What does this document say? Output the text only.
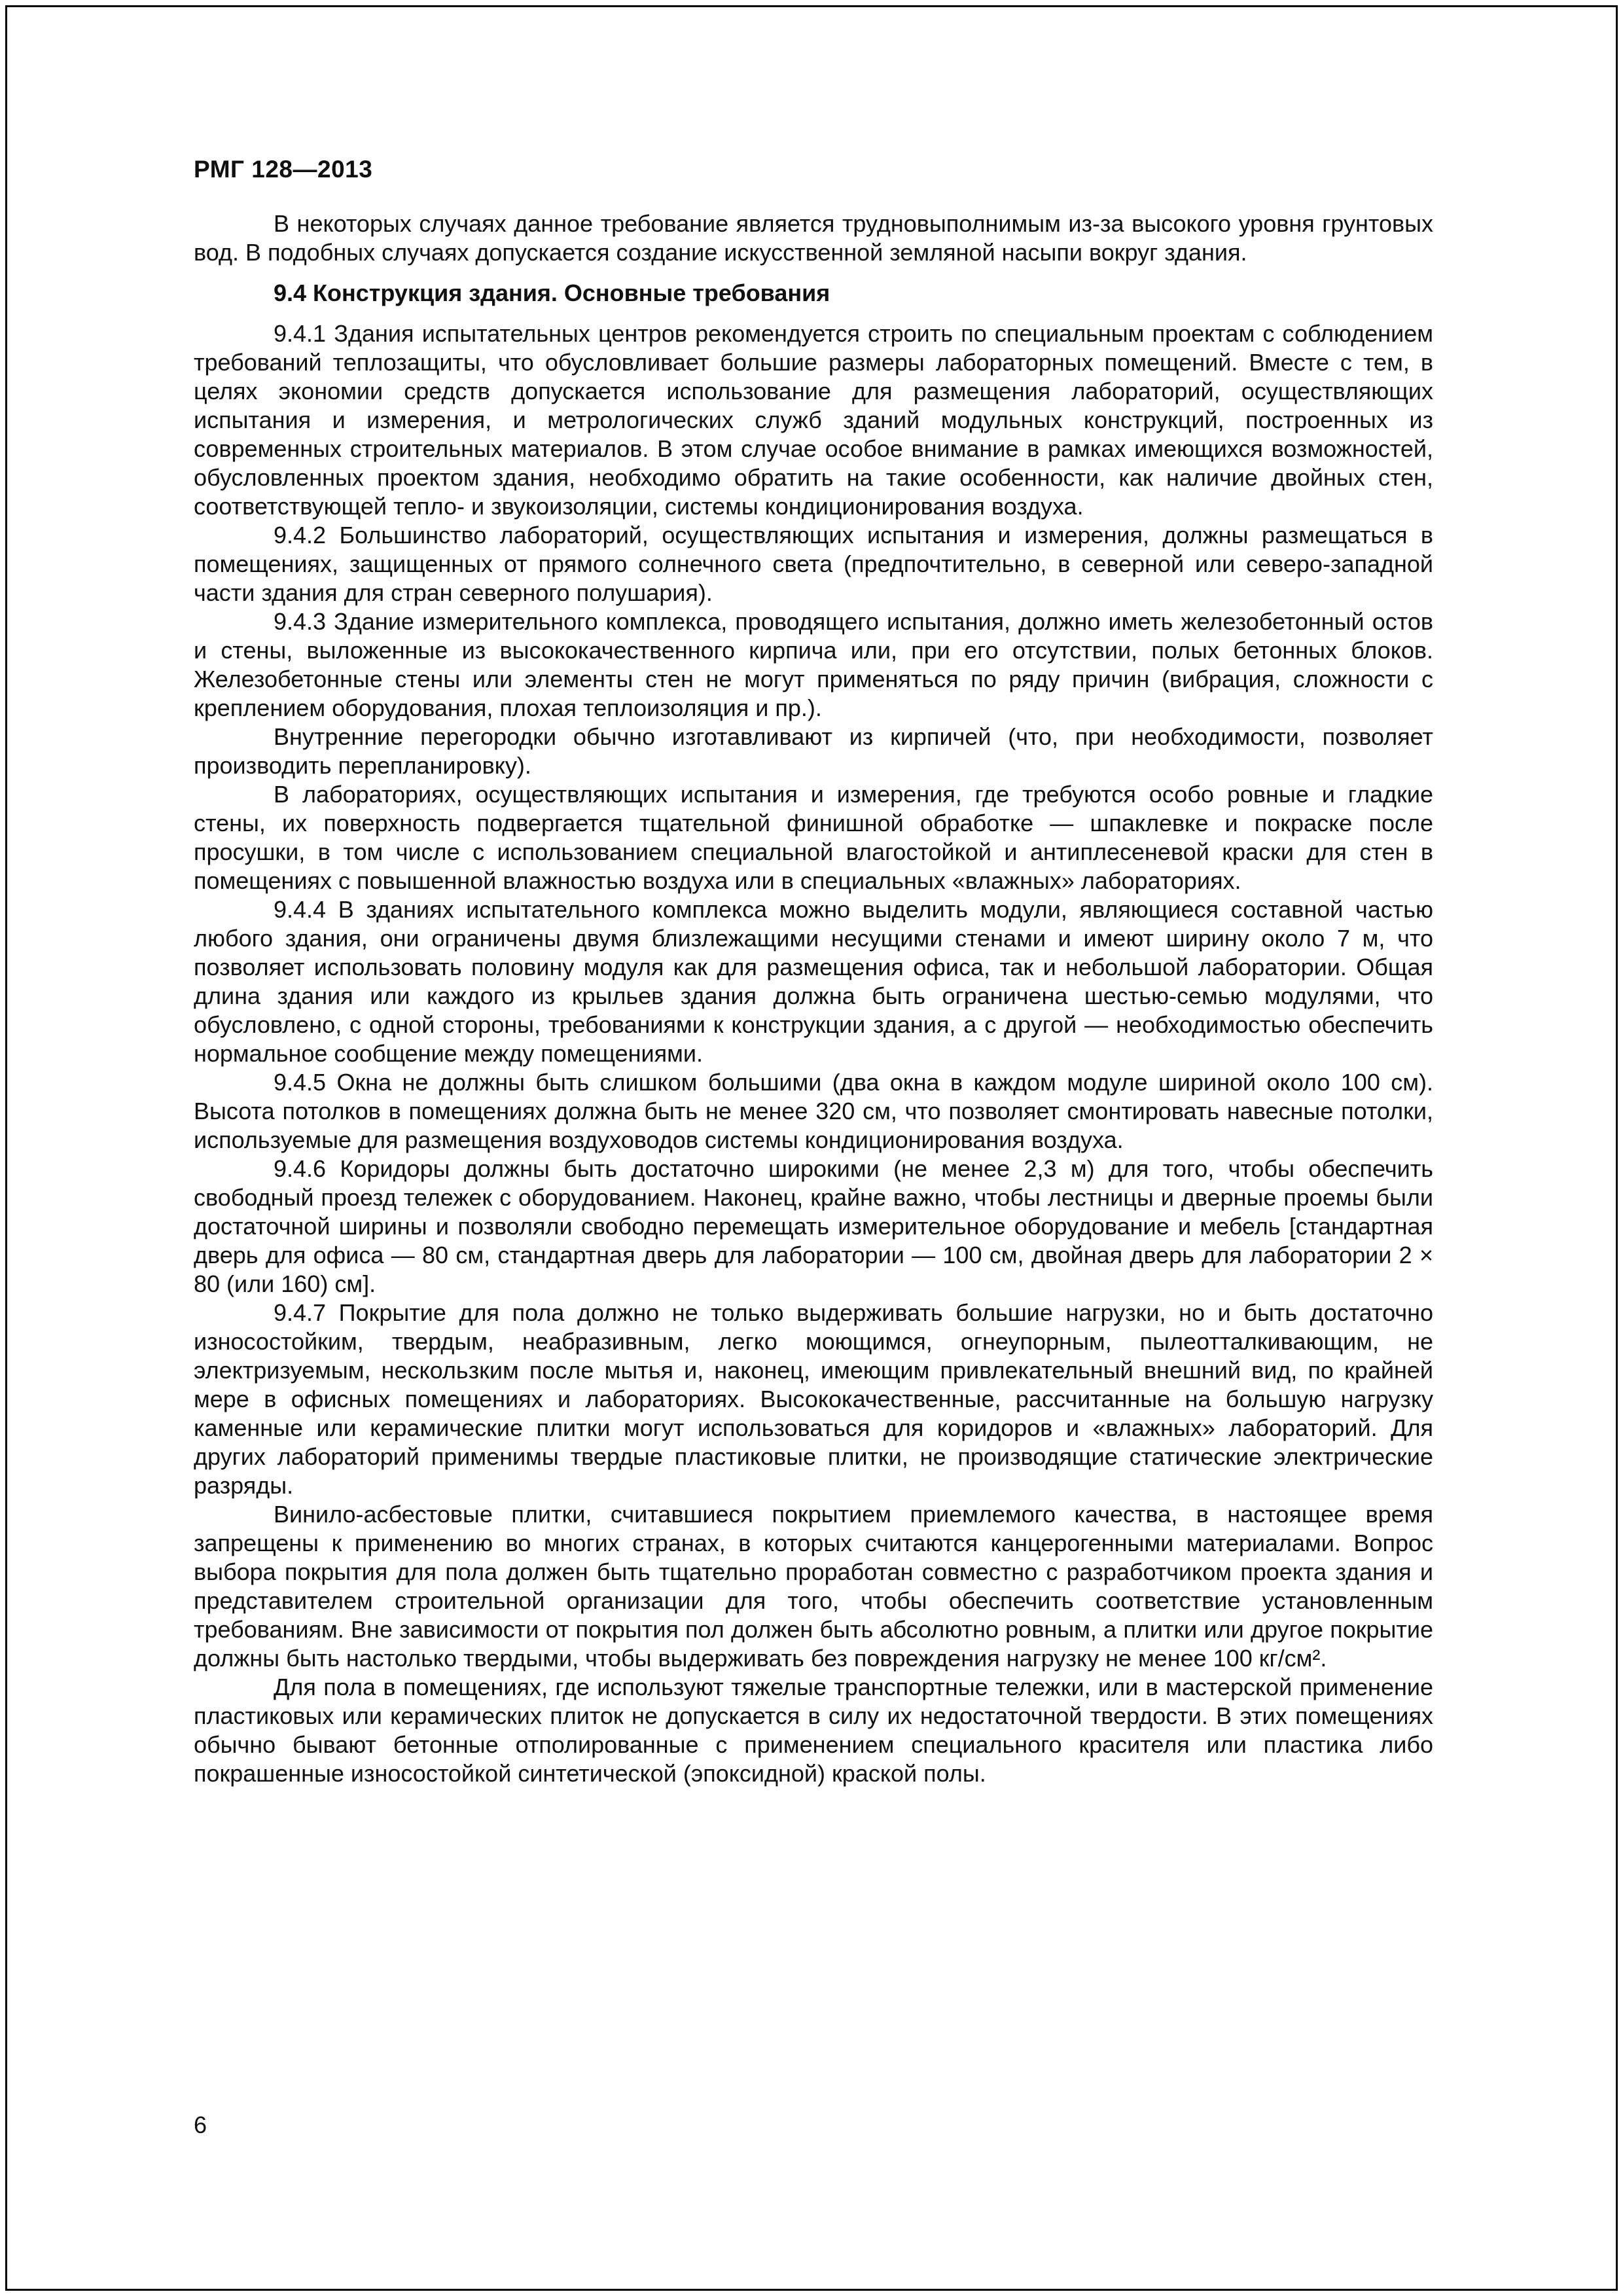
РМГ 128—2013

В некоторых случаях данное требование является трудновыполнимым из-за высокого уровня грунтовых вод. В подобных случаях допускается создание искусственной земляной насыпи вокруг здания.

9.4 Конструкция здания. Основные требования

9.4.1 Здания испытательных центров рекомендуется строить по специальным проектам с соблюдением требований теплозащиты, что обусловливает большие размеры лабораторных помещений. Вместе с тем, в целях экономии средств допускается использование для размещения лабораторий, осуществляющих испытания и измерения, и метрологических служб зданий модульных конструкций, построенных из современных строительных материалов. В этом случае особое внимание в рамках имеющихся возможностей, обусловленных проектом здания, необходимо обратить на такие особенности, как наличие двойных стен, соответствующей тепло- и звукоизоляции, системы кондиционирования воздуха.

9.4.2 Большинство лабораторий, осуществляющих испытания и измерения, должны размещаться в помещениях, защищенных от прямого солнечного света (предпочтительно, в северной или северо-западной части здания для стран северного полушария).

9.4.3 Здание измерительного комплекса, проводящего испытания, должно иметь железобетонный остов и стены, выложенные из высококачественного кирпича или, при его отсутствии, полых бетонных блоков. Железобетонные стены или элементы стен не могут применяться по ряду причин (вибрация, сложности с креплением оборудования, плохая теплоизоляция и пр.).

Внутренние перегородки обычно изготавливают из кирпичей (что, при необходимости, позволяет производить перепланировку).

В лабораториях, осуществляющих испытания и измерения, где требуются особо ровные и гладкие стены, их поверхность подвергается тщательной финишной обработке — шпаклевке и покраске после просушки, в том числе с использованием специальной влагостойкой и антиплесеневой краски для стен в помещениях с повышенной влажностью воздуха или в специальных «влажных» лабораториях.

9.4.4 В зданиях испытательного комплекса можно выделить модули, являющиеся составной частью любого здания, они ограничены двумя близлежащими несущими стенами и имеют ширину около 7 м, что позволяет использовать половину модуля как для размещения офиса, так и небольшой лаборатории. Общая длина здания или каждого из крыльев здания должна быть ограничена шестью-семью модулями, что обусловлено, с одной стороны, требованиями к конструкции здания, а с другой — необходимостью обеспечить нормальное сообщение между помещениями.

9.4.5 Окна не должны быть слишком большими (два окна в каждом модуле шириной около 100 см). Высота потолков в помещениях должна быть не менее 320 см, что позволяет смонтировать навесные потолки, используемые для размещения воздуховодов системы кондиционирования воздуха.

9.4.6 Коридоры должны быть достаточно широкими (не менее 2,3 м) для того, чтобы обеспечить свободный проезд тележек с оборудованием. Наконец, крайне важно, чтобы лестницы и дверные проемы были достаточной ширины и позволяли свободно перемещать измерительное оборудование и мебель [стандартная дверь для офиса — 80 см, стандартная дверь для лаборатории — 100 см, двойная дверь для лаборатории 2 × 80 (или 160) см].

9.4.7 Покрытие для пола должно не только выдерживать большие нагрузки, но и быть достаточно износостойким, твердым, неабразивным, легко моющимся, огнеупорным, пылеотталкивающим, не электризуемым, нескользким после мытья и, наконец, имеющим привлекательный внешний вид, по крайней мере в офисных помещениях и лабораториях. Высококачественные, рассчитанные на большую нагрузку каменные или керамические плитки могут использоваться для коридоров и «влажных» лабораторий. Для других лабораторий применимы твердые пластиковые плитки, не производящие статические электрические разряды.

Винило-асбестовые плитки, считавшиеся покрытием приемлемого качества, в настоящее время запрещены к применению во многих странах, в которых считаются канцерогенными материалами. Вопрос выбора покрытия для пола должен быть тщательно проработан совместно с разработчиком проекта здания и представителем строительной организации для того, чтобы обеспечить соответствие установленным требованиям. Вне зависимости от покрытия пол должен быть абсолютно ровным, а плитки или другое покрытие должны быть настолько твердыми, чтобы выдерживать без повреждения нагрузку не менее 100 кг/см².

Для пола в помещениях, где используют тяжелые транспортные тележки, или в мастерской применение пластиковых или керамических плиток не допускается в силу их недостаточной твердости. В этих помещениях обычно бывают бетонные отполированные с применением специального красителя или пластика либо покрашенные износостойкой синтетической (эпоксидной) краской полы.

6
